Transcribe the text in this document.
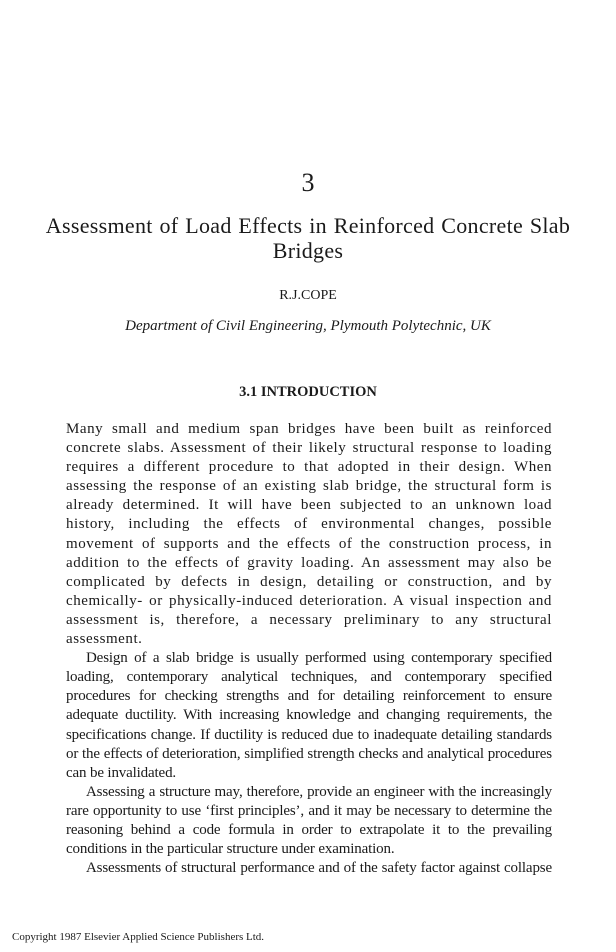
3
Assessment of Load Effects in Reinforced Concrete Slab Bridges
R.J.COPE
Department of Civil Engineering, Plymouth Polytechnic, UK
3.1 INTRODUCTION

Many small and medium span bridges have been built as reinforced concrete slabs. Assessment of their likely structural response to loading requires a different procedure to that adopted in their design. When assessing the response of an existing slab bridge, the structural form is already determined. It will have been subjected to an unknown load history, including the effects of environmental changes, possible movement of supports and the effects of the construction process, in addition to the effects of gravity loading. An assessment may also be complicated by defects in design, detailing or construction, and by chemically- or physically-induced deterioration. A visual inspection and assessment is, therefore, a necessary preliminary to any structural assessment.

Design of a slab bridge is usually performed using contemporary specified loading, contemporary analytical techniques, and contemporary specified procedures for checking strengths and for detailing reinforcement to ensure adequate ductility. With increasing knowledge and changing requirements, the specifications change. If ductility is reduced due to inadequate detailing standards or the effects of deterioration, simplified strength checks and analytical procedures can be invalidated.

Assessing a structure may, therefore, provide an engineer with the increasingly rare opportunity to use ‘first principles’, and it may be necessary to determine the reasoning behind a code formula in order to extrapolate it to the prevailing conditions in the particular structure under examination.

Assessments of structural performance and of the safety factor against collapse

Copyright 1987 Elsevier Applied Science Publishers Ltd.
